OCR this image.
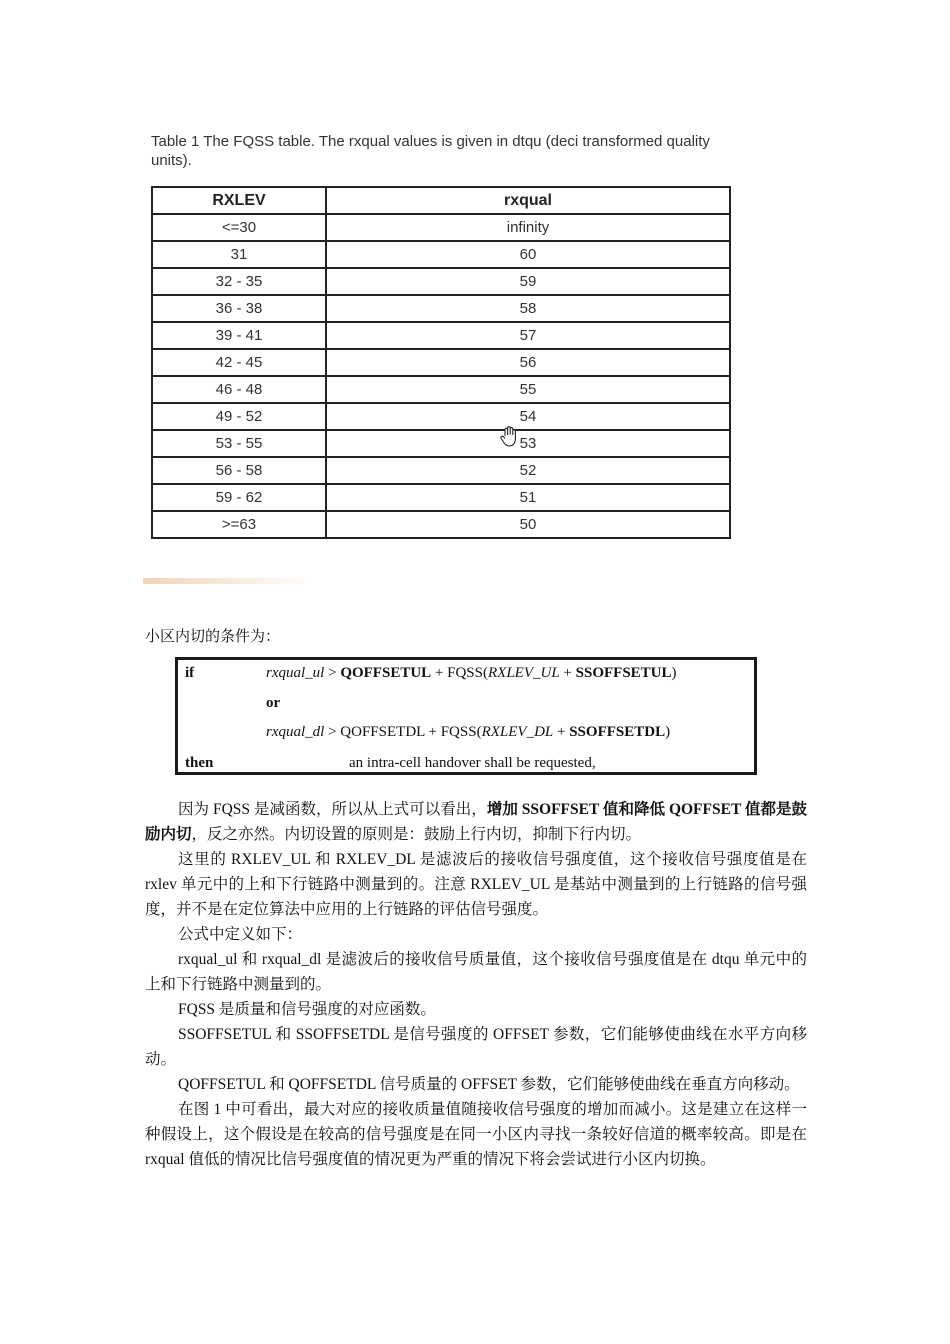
Table 1 The FQSS table. The rxqual values is given in dtqu (deci transformed quality units).
RXLEV	rxqual
<=30	infinity
31	60
32 - 35	59
36 - 38	58
39 - 41	57
42 - 45	56
46 - 48	55
49 - 52	54
53 - 55	53
56 - 58	52
59 - 62	51
>=63	50
小区内切的条件为：
if	rxqual_ul > QOFFSETUL + FQSS(RXLEV_UL + SSOFFSETUL)
or
rxqual_dl > QOFFSETDL + FQSS(RXLEV_DL + SSOFFSETDL)
then	an intra-cell handover shall be requested,

因为 FQSS 是减函数，所以从上式可以看出，增加 SSOFFSET 值和降低 QOFFSET 值都是鼓励内切，反之亦然。内切设置的原则是：鼓励上行内切，抑制下行内切。

这里的 RXLEV_UL 和 RXLEV_DL 是滤波后的接收信号强度值，这个接收信号强度值是在 rxlev 单元中的上和下行链路中测量到的。注意 RXLEV_UL 是基站中测量到的上行链路的信号强度，并不是在定位算法中应用的上行链路的评估信号强度。

公式中定义如下：

rxqual_ul 和 rxqual_dl 是滤波后的接收信号质量值，这个接收信号强度值是在 dtqu 单元中的上和下行链路中测量到的。

FQSS 是质量和信号强度的对应函数。

SSOFFSETUL 和 SSOFFSETDL 是信号强度的 OFFSET 参数，它们能够使曲线在水平方向移动。

QOFFSETUL 和 QOFFSETDL 信号质量的 OFFSET 参数，它们能够使曲线在垂直方向移动。

在图 1 中可看出，最大对应的接收质量值随接收信号强度的增加而减小。这是建立在这样一种假设上，这个假设是在较高的信号强度是在同一小区内寻找一条较好信道的概率较高。即是在 rxqual 值低的情况比信号强度值的情况更为严重的情况下将会尝试进行小区内切换。
